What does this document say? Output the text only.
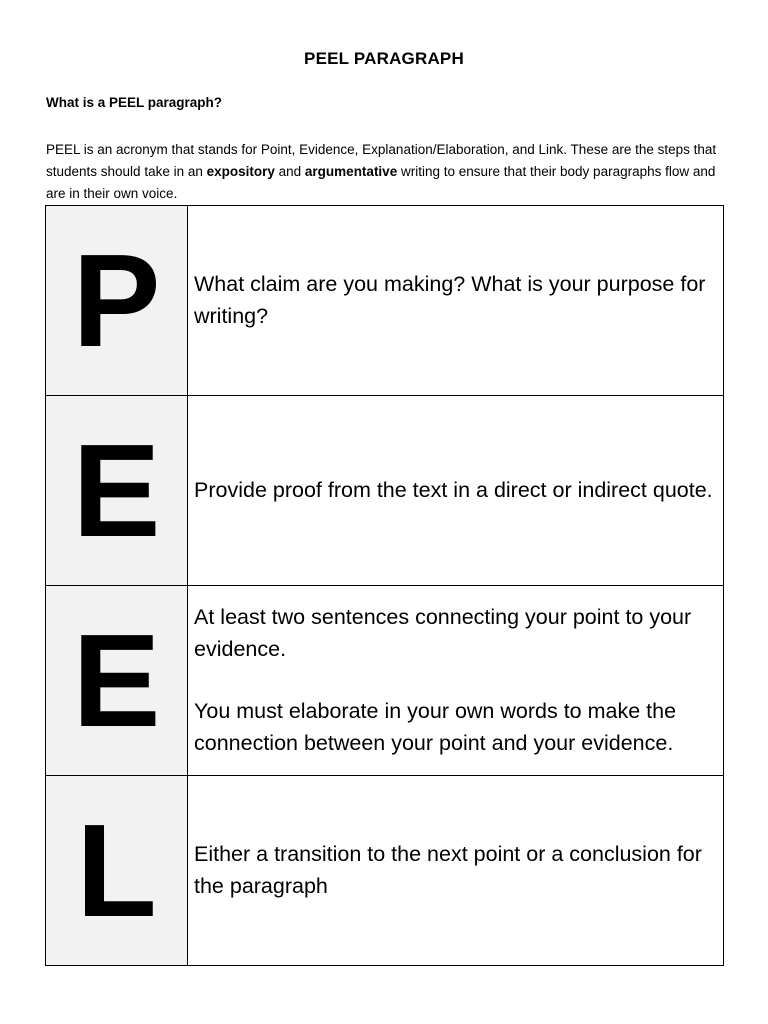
PEEL PARAGRAPH
What is a PEEL paragraph?

PEEL is an acronym that stands for Point, Evidence, Explanation/Elaboration, and Link. These are the steps that students should take in an expository and argumentative writing to ensure that their body paragraphs flow and are in their own voice.

P	What claim are you making? What is your purpose for writing?

E	Provide proof from the text in a direct or indirect quote.

E	At least two sentences connecting your point to your evidence.

You must elaborate in your own words to make the connection between your point and your evidence.

L	Either a transition to the next point or a conclusion for the paragraph
